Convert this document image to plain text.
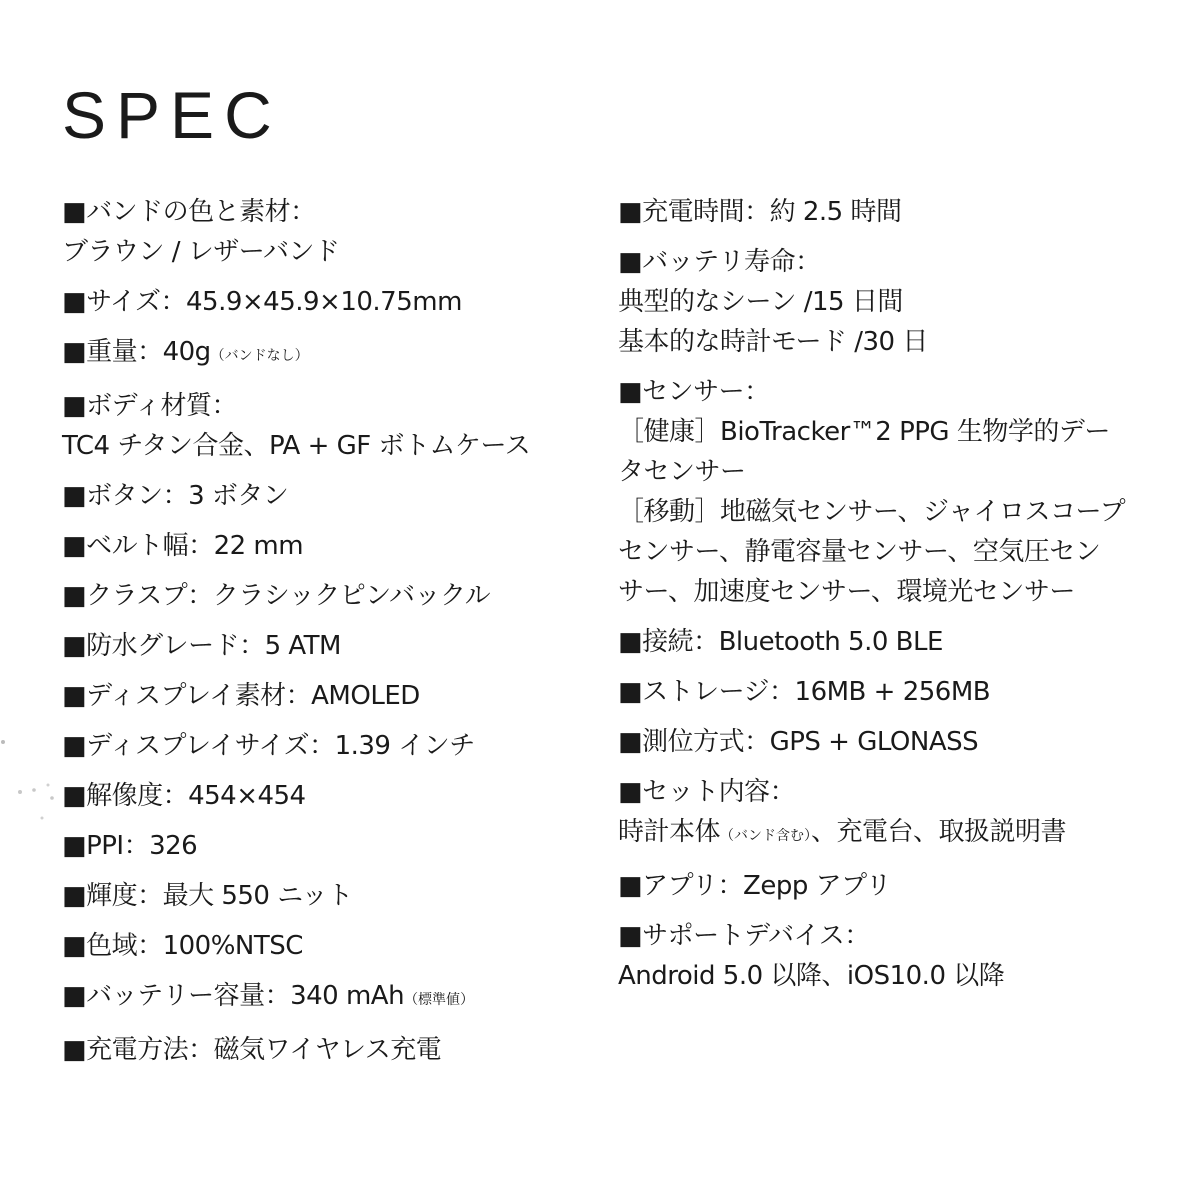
SPEC
■バンドの色と素材：
ブラウン / レザーバンド
■サイズ：45.9×45.9×10.75mm
■重量：40g（バンドなし）
■ボディ材質：
TC4 チタン合金、PA + GF ボトムケース
■ボタン：3 ボタン
■ベルト幅：22 mm
■クラスプ：クラシックピンバックル
■防水グレード：5 ATM
■ディスプレイ素材：AMOLED
■ディスプレイサイズ：1.39 インチ
■解像度：454×454
■PPI：326
■輝度：最大 550 ニット
■色域：100%NTSC
■バッテリー容量：340 mAh（標準値）
■充電方法：磁気ワイヤレス充電
■充電時間：約 2.5 時間
■バッテリ寿命：
典型的なシーン /15 日間
基本的な時計モード /30 日
■センサー：
［健康］BioTracker™2 PPG 生物学的デー
タセンサー
［移動］地磁気センサー、ジャイロスコープ
センサー、静電容量センサー、空気圧セン
サー、加速度センサー、環境光センサー
■接続：Bluetooth 5.0 BLE
■ストレージ：16MB + 256MB
■測位方式：GPS + GLONASS
■セット内容：
時計本体（バンド含む）、充電台、取扱説明書
■アプリ：Zepp アプリ
■サポートデバイス：
Android 5.0 以降、iOS10.0 以降
